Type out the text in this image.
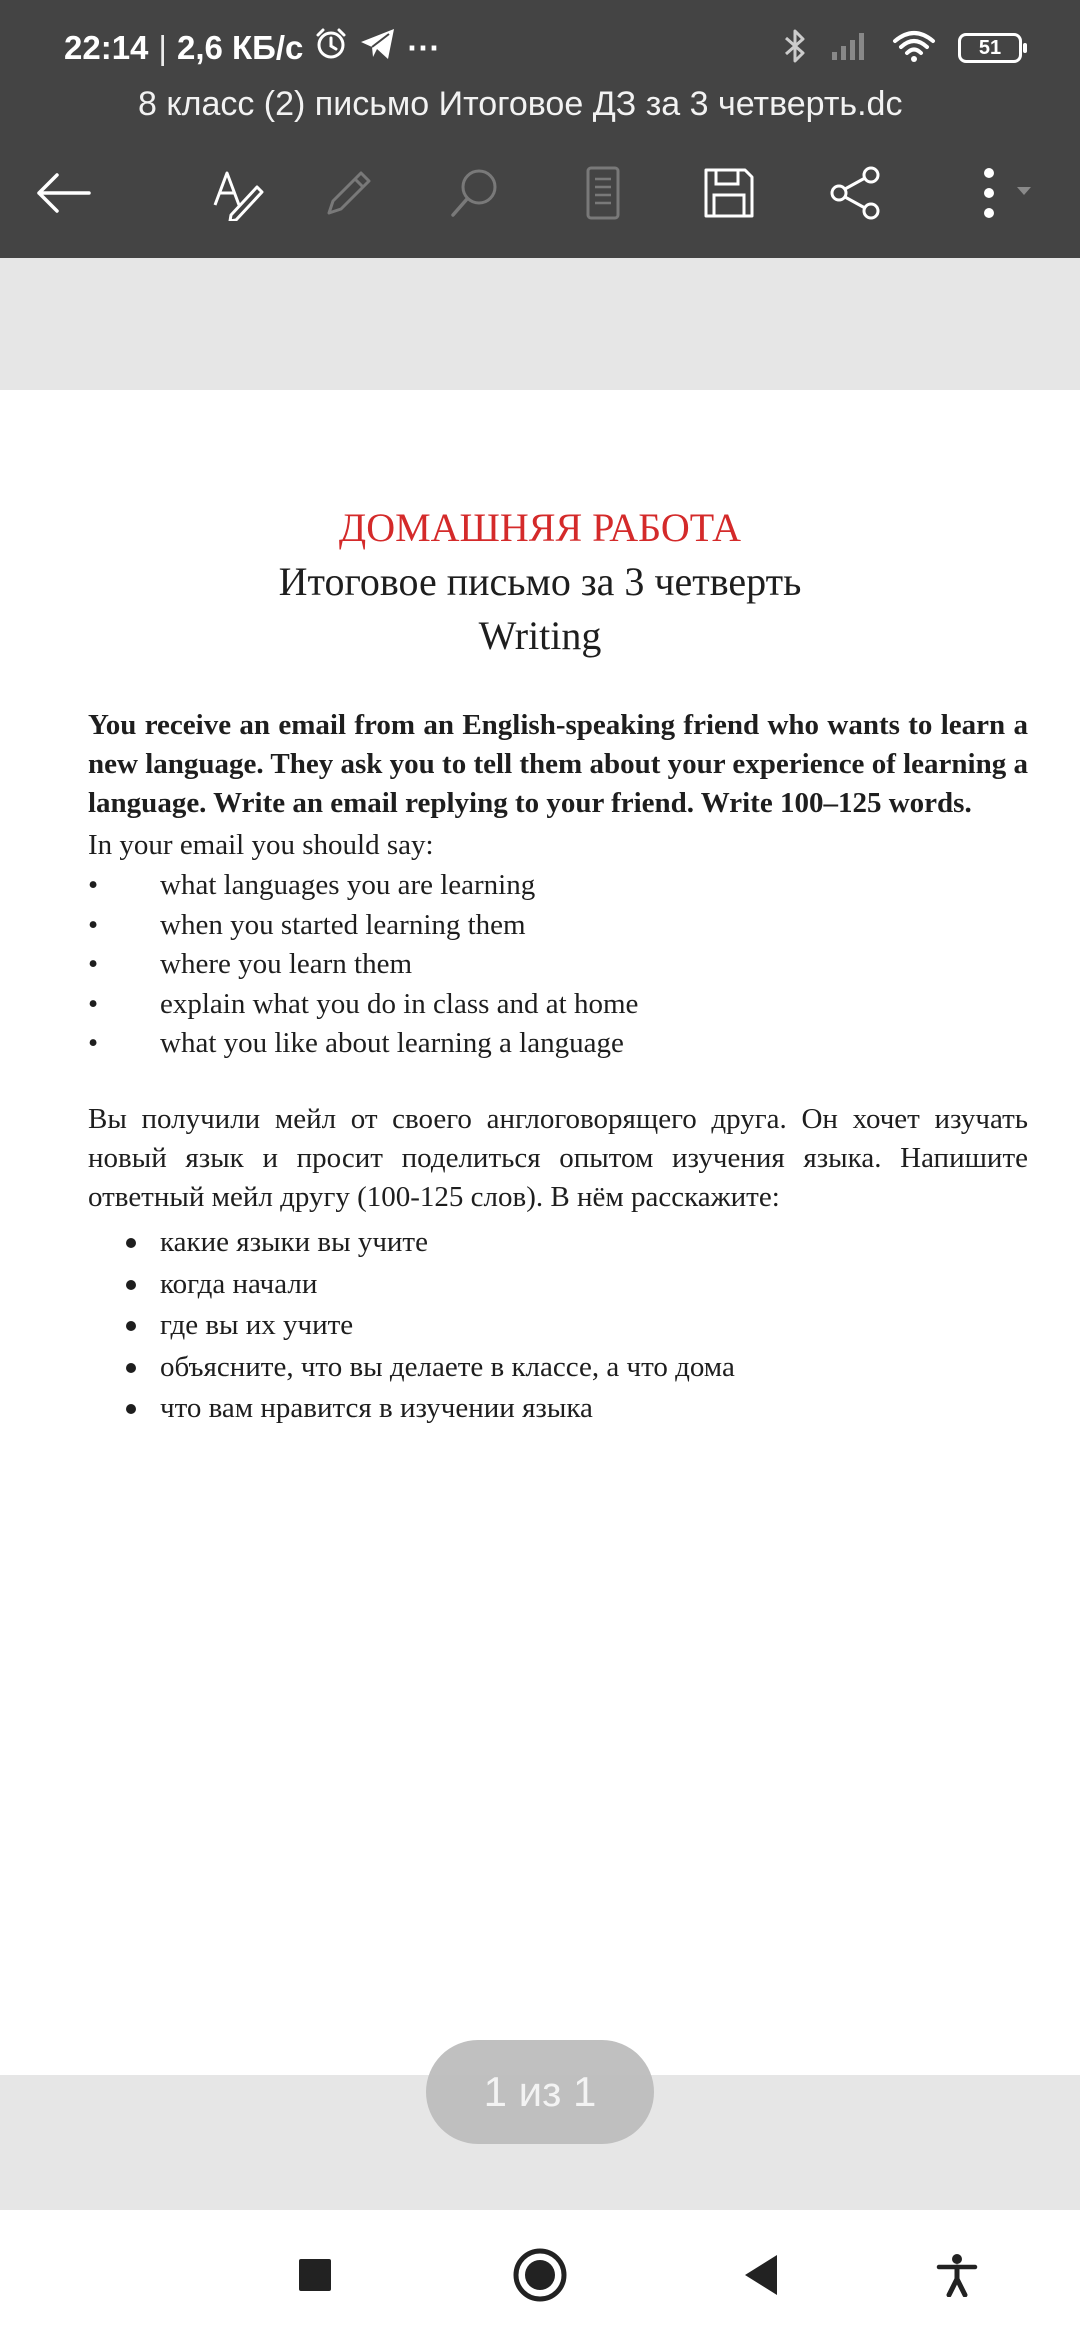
22:14 | 2,6 КБ/с	···	51
8 класс (2) письмо Итоговое ДЗ за 3 четверть.dc
ДОМАШНЯЯ РАБОТА
Итоговое письмо за 3 четверть
Writing

You receive an email from an English-speaking friend who wants to learn a new language. They ask you to tell them about your experience of learning a language. Write an email replying to your friend. Write 100–125 words.

In your email you should say:

• what languages you are learning
• when you started learning them
• where you learn them
• explain what you do in class and at home
• what you like about learning a language

Вы получили мейл от своего англоговорящего друга. Он хочет изучать новый язык и просит поделиться опытом изучения языка. Напишите ответный мейл другу (100-125 слов). В нём расскажите:

какие языки вы учите
когда начали
где вы их учите
объясните, что вы делаете в классе, а что дома
что вам нравится в изучении языка
1 из 1
